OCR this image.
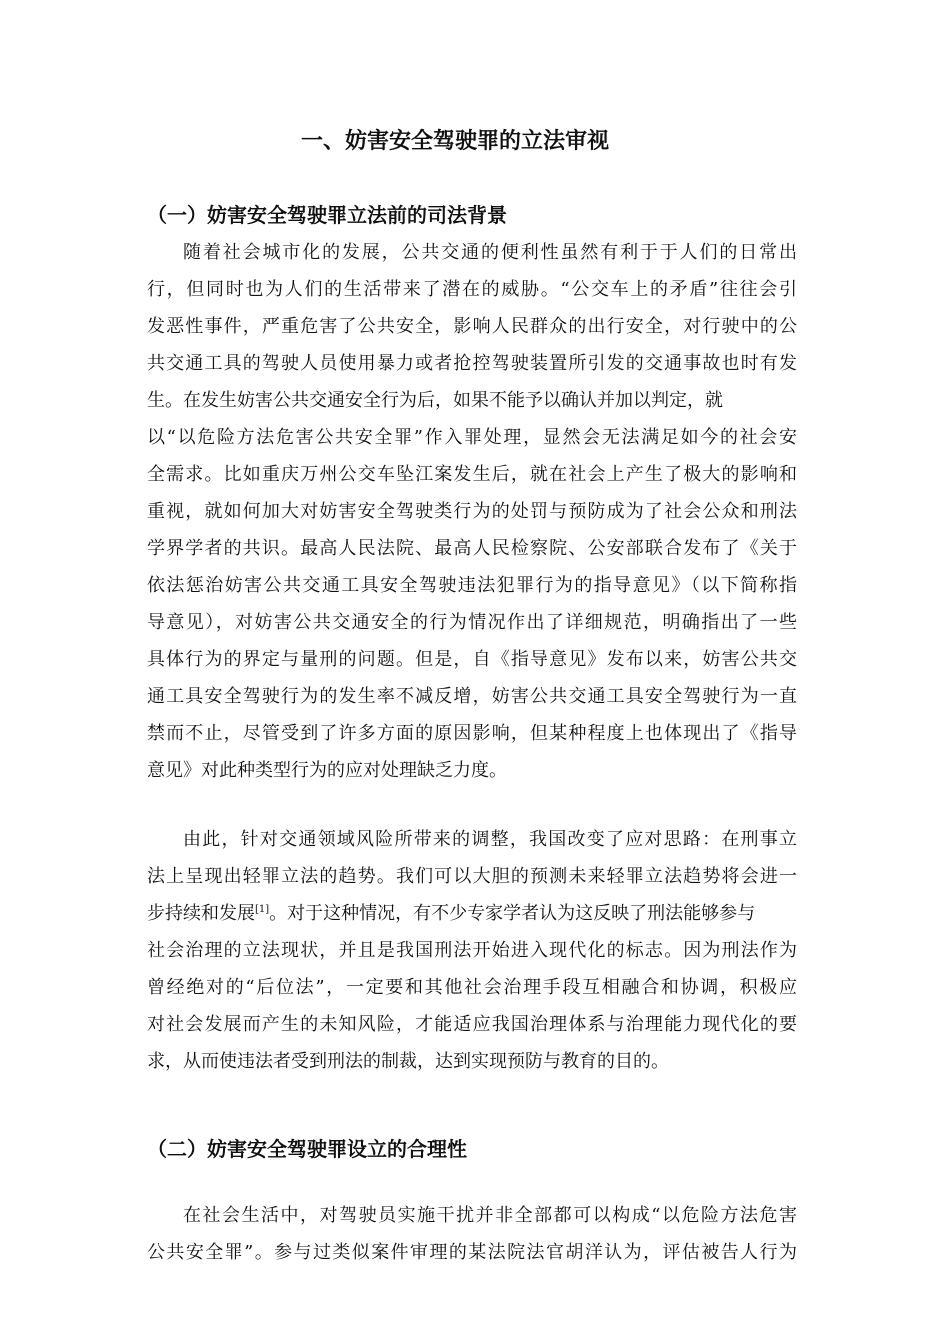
一、妨害安全驾驶罪的立法审视
（一）妨害安全驾驶罪立法前的司法背景
随着社会城市化的发展，公共交通的便利性虽然有利于于人们的日常出
行，但同时也为人们的生活带来了潜在的威胁。“公交车上的矛盾”往往会引
发恶性事件，严重危害了公共安全，影响人民群众的出行安全，对行驶中的公
共交通工具的驾驶人员使用暴力或者抢控驾驶装置所引发的交通事故也时有发
生。在发生妨害公共交通安全行为后，如果不能予以确认并加以判定，就
以“以危险方法危害公共安全罪”作入罪处理，显然会无法满足如今的社会安
全需求。比如重庆万州公交车坠江案发生后，就在社会上产生了极大的影响和
重视，就如何加大对妨害安全驾驶类行为的处罚与预防成为了社会公众和刑法
学界学者的共识。最高人民法院、最高人民检察院、公安部联合发布了《关于
依法惩治妨害公共交通工具安全驾驶违法犯罪行为的指导意见》（以下简称指
导意见），对妨害公共交通安全的行为情况作出了详细规范，明确指出了一些
具体行为的界定与量刑的问题。但是，自《指导意见》发布以来，妨害公共交
通工具安全驾驶行为的发生率不减反增，妨害公共交通工具安全驾驶行为一直
禁而不止，尽管受到了许多方面的原因影响，但某种程度上也体现出了《指导
意见》对此种类型行为的应对处理缺乏力度。
由此，针对交通领域风险所带来的调整，我国改变了应对思路：在刑事立
法上呈现出轻罪立法的趋势。我们可以大胆的预测未来轻罪立法趋势将会进一
步持续和发展[1]。对于这种情况，有不少专家学者认为这反映了刑法能够参与
社会治理的立法现状，并且是我国刑法开始进入现代化的标志。因为刑法作为
曾经绝对的“后位法”，一定要和其他社会治理手段互相融合和协调，积极应
对社会发展而产生的未知风险，才能适应我国治理体系与治理能力现代化的要
求，从而使违法者受到刑法的制裁，达到实现预防与教育的目的。
（二）妨害安全驾驶罪设立的合理性
在社会生活中，对驾驶员实施干扰并非全部都可以构成“以危险方法危害
公共安全罪”。参与过类似案件审理的某法院法官胡洋认为，评估被告人行为
